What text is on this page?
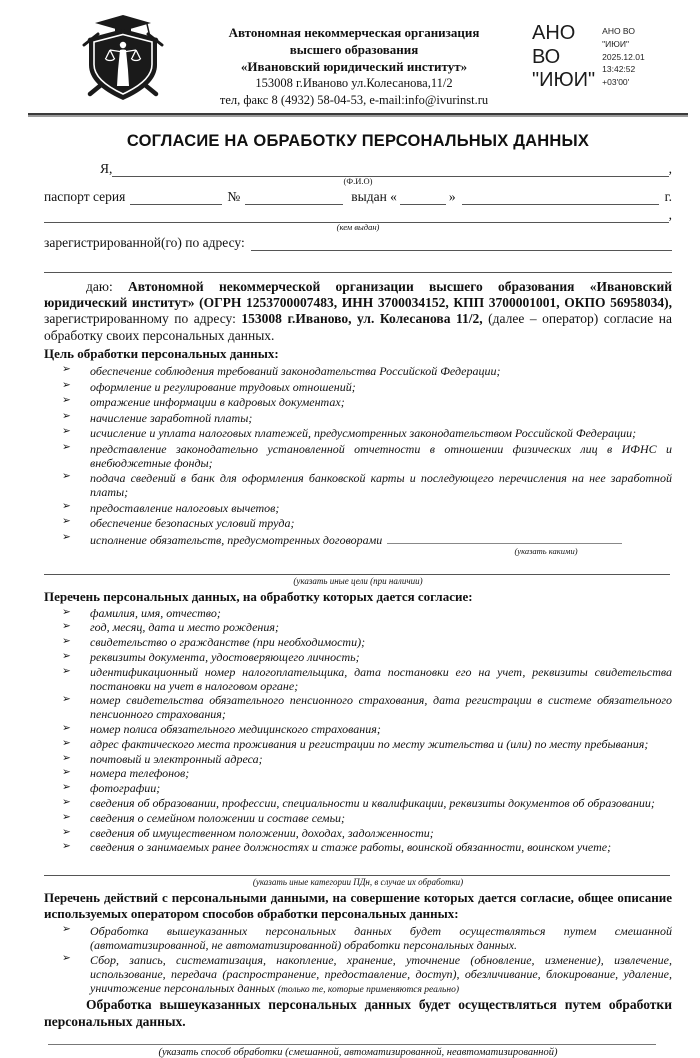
Автономная некоммерческая организация
высшего образования
«Ивановский юридический институт»
153008 г.Иваново ул.Колесанова,11/2
тел, факс 8 (4932) 58-04-53, e-mail:info@ivurinst.ru
АНО
ВО
"ИЮИ"
АНО ВО
"ИЮИ"
2025.12.01
13:42:52
+03'00'
СОГЛАСИЕ НА ОБРАБОТКУ ПЕРСОНАЛЬНЫХ ДАННЫХ
Я,	,
(Ф.И.О)
паспорт серия	№	выдан «	»	г.
,
(кем выдан)
зарегистрированной(го) по адресу:

даю: Автономной некоммерческой организации высшего образования «Ивановский юридический институт» (ОГРН 1253700007483, ИНН 3700034152, КПП 3700001001, ОКПО 56958034), зарегистрированному по адресу: 153008 г.Иваново, ул. Колесанова 11/2, (далее – оператор) согласие на обработку своих персональных данных.

Цель обработки персональных данных:
➢ обеспечение соблюдения требований законодательства Российской Федерации;
➢ оформление и регулирование трудовых отношений;
➢ отражение информации в кадровых документах;
➢ начисление заработной платы;
➢ исчисление и уплата налоговых платежей, предусмотренных законодательством Российской Федерации;
➢ представление законодательно установленной отчетности в отношении физических лиц в ИФНС и внебюджетные фонды;
➢ подача сведений в банк для оформления банковской карты и последующего перечисления на нее заработной платы;
➢ предоставление налоговых вычетов;
➢ обеспечение безопасных условий труда;
➢ исполнение обязательств, предусмотренных договорами
(указать какими)
(указать иные цели (при наличии)
Перечень персональных данных, на обработку которых дается согласие:
➢ фамилия, имя, отчество;
➢ год, месяц, дата и место рождения;
➢ свидетельство о гражданстве (при необходимости);
➢ реквизиты документа, удостоверяющего личность;
➢ идентификационный номер налогоплательщика, дата постановки его на учет, реквизиты свидетельства постановки на учет в налоговом органе;
➢ номер свидетельства обязательного пенсионного страхования, дата регистрации в системе обязательного пенсионного страхования;
➢ номер полиса обязательного медицинского страхования;
➢ адрес фактического места проживания и регистрации по месту жительства и (или) по месту пребывания;
➢ почтовый и электронный адреса;
➢ номера телефонов;
➢ фотографии;
➢ сведения об образовании, профессии, специальности и квалификации, реквизиты документов об образовании;
➢ сведения о семейном положении и составе семьи;
➢ сведения об имущественном положении, доходах, задолженности;
➢ сведения о занимаемых ранее должностях и стаже работы, воинской обязанности, воинском учете;
(указать иные категории ПДн, в случае их обработки)
Перечень действий с персональными данными, на совершение которых дается согласие, общее описание используемых оператором способов обработки персональных данных:
➢ Обработка вышеуказанных персональных данных будет осуществляться путем смешанной (автоматизированной, не автоматизированной) обработки персональных данных.
➢ Сбор, запись, систематизация, накопление, хранение, уточнение (обновление, изменение), извлечение, использование, передача (распространение, предоставление, доступ), обезличивание, блокирование, удаление, уничтожение персональных данных (только те, которые применяются реально)

Обработка вышеуказанных персональных данных будет осуществляться путем обработки персональных данных.

(указать способ обработки (смешанной, автоматизированной, неавтоматизированной)
